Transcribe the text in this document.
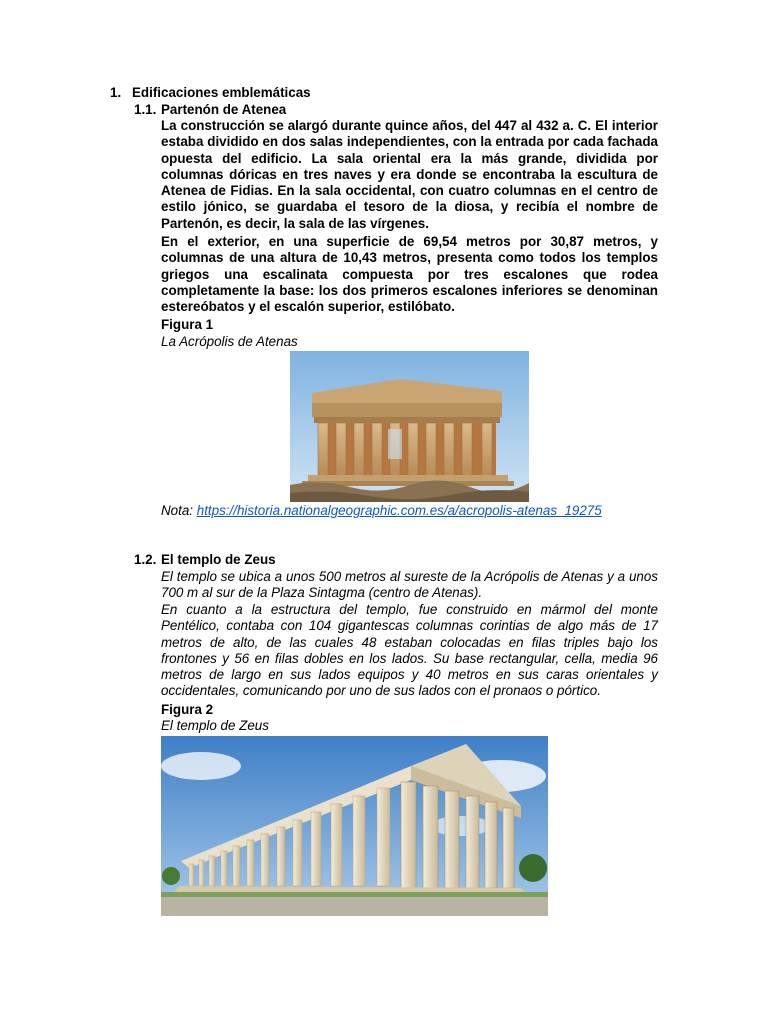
1. Edificaciones emblemáticas
1.1. Partenón de Atenea
La construcción se alargó durante quince años, del 447 al 432 a. C. El interior estaba dividido en dos salas independientes, con la entrada por cada fachada opuesta del edificio. La sala oriental era la más grande, dividida por columnas dóricas en tres naves y era donde se encontraba la escultura de Atenea de Fidias. En la sala occidental, con cuatro columnas en el centro de estilo jónico, se guardaba el tesoro de la diosa, y recibía el nombre de Partenón, es decir, la sala de las vírgenes.
En el exterior, en una superficie de 69,54 metros por 30,87 metros, y columnas de una altura de 10,43 metros, presenta como todos los templos griegos una escalinata compuesta por tres escalones que rodea completamente la base: los dos primeros escalones inferiores se denominan estereóbatos y el escalón superior, estilóbato.
Figura 1
La Acrópolis de Atenas
Nota: https://historia.nationalgeographic.com.es/a/acropolis-atenas_19275
1.2. El templo de Zeus
El templo se ubica a unos 500 metros al sureste de la Acrópolis de Atenas y a unos 700 m al sur de la Plaza Sintagma (centro de Atenas).
En cuanto a la estructura del templo, fue construido en mármol del monte Pentélico, contaba con 104 gigantescas columnas corintias de algo más de 17 metros de alto, de las cuales 48 estaban colocadas en filas triples bajo los frontones y 56 en filas dobles en los lados. Su base rectangular, cella, media 96 metros de largo en sus lados equipos y 40 metros en sus caras orientales y occidentales, comunicando por uno de sus lados con el pronaos o pórtico.
Figura 2
El templo de Zeus
